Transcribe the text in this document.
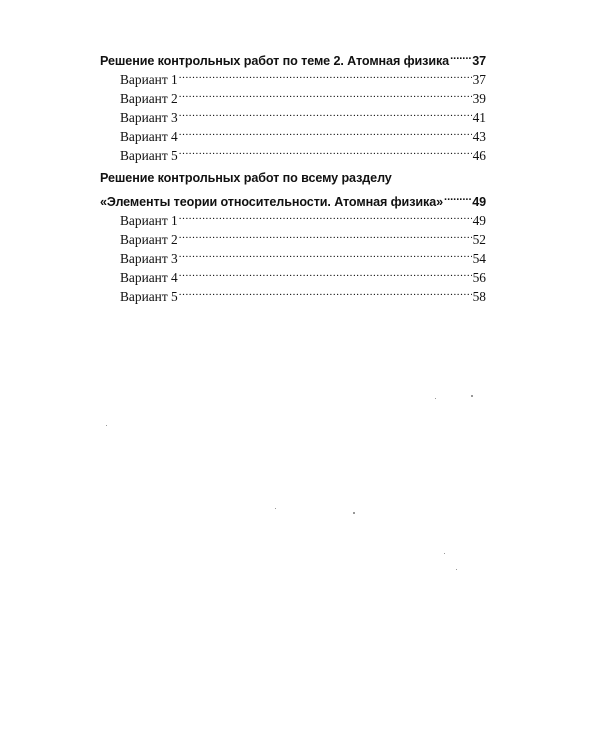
Решение контрольных работ по теме 2. Атомная физика ..... 37
Вариант 1 .....	37
Вариант 2 .....	39
Вариант 3 .....	41
Вариант 4 .....	43
Вариант 5 .....	46
Решение контрольных работ по всему разделу
«Элементы теории относительности. Атомная физика» ..... 49
Вариант 1 .....	49
Вариант 2 .....	52
Вариант 3 .....	54
Вариант 4 .....	56
Вариант 5 .....	58
